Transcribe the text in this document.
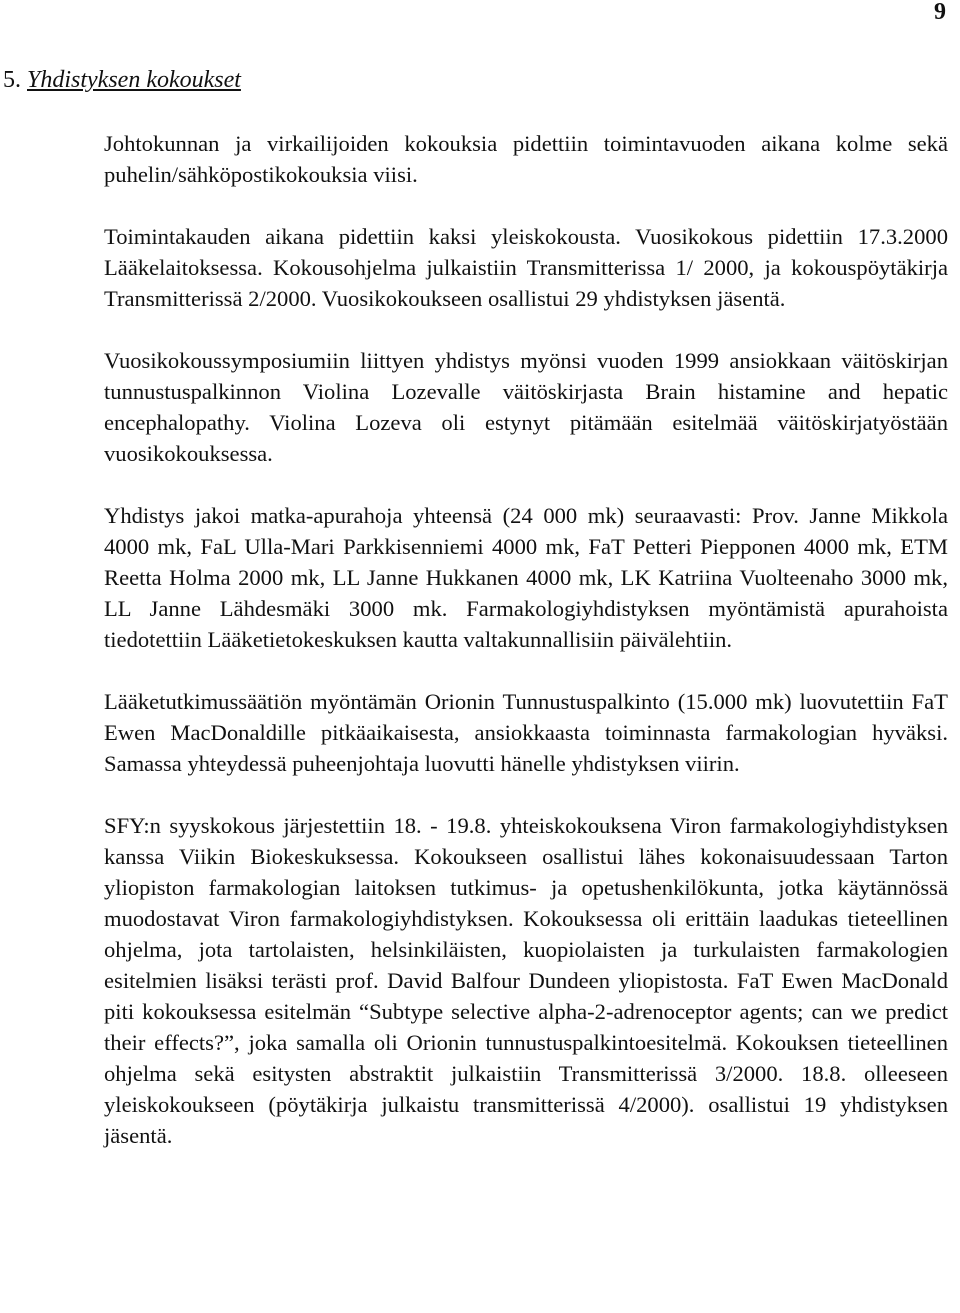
9
5. Yhdistyksen kokoukset

Johtokunnan ja virkailijoiden kokouksia pidettiin toimintavuoden aikana kolme sekä puhelin/sähköpostikokouksia viisi.

Toimintakauden aikana pidettiin kaksi yleiskokousta. Vuosikokous pidettiin 17.3.2000 Lääkelaitoksessa. Kokousohjelma julkaistiin Transmitterissa 1/ 2000, ja kokouspöytäkirja Transmitterissä 2/2000. Vuosikokoukseen osallistui 29 yhdistyksen jäsentä.

Vuosikokoussymposiumiin liittyen yhdistys myönsi vuoden 1999 ansiokkaan väitöskirjan tunnustuspalkinnon Violina Lozevalle väitöskirjasta Brain histamine and hepatic encephalopathy. Violina Lozeva oli estynyt pitämään esitelmää väitöskirjatyöstään vuosikokouksessa.

Yhdistys jakoi matka-apurahoja yhteensä (24 000 mk) seuraavasti: Prov. Janne Mikkola 4000 mk, FaL Ulla-Mari Parkkisenniemi 4000 mk, FaT Petteri Piepponen 4000 mk, ETM Reetta Holma 2000 mk, LL Janne Hukkanen 4000 mk, LK Katriina Vuolteenaho 3000 mk, LL Janne Lähdesmäki 3000 mk. Farmakologiyhdistyksen myöntämistä apurahoista tiedotettiin Lääketietokeskuksen kautta valtakunnallisiin päivälehtiin.

Lääketutkimussäätiön myöntämän Orionin Tunnustuspalkinto (15.000 mk) luovutettiin FaT Ewen MacDonaldille pitkäaikaisesta, ansiokkaasta toiminnasta farmakologian hyväksi. Samassa yhteydessä puheenjohtaja luovutti hänelle yhdistyksen viirin.

SFY:n syyskokous järjestettiin 18. - 19.8. yhteiskokouksena Viron farmakologiyhdistyksen kanssa Viikin Biokeskuksessa. Kokoukseen osallistui lähes kokonaisuudessaan Tarton yliopiston farmakologian laitoksen tutkimus- ja opetushenkilökunta, jotka käytännössä muodostavat Viron farmakologiyhdistyksen. Kokouksessa oli erittäin laadukas tieteellinen ohjelma, jota tartolaisten, helsinkiläisten, kuopiolaisten ja turkulaisten farmakologien esitelmien lisäksi terästi prof. David Balfour Dundeen yliopistosta. FaT Ewen MacDonald piti kokouksessa esitelmän “Subtype selective alpha-2-adrenoceptor agents; can we predict their effects?”, joka samalla oli Orionin tunnustuspalkintoesitelmä. Kokouksen tieteellinen ohjelma sekä esitysten abstraktit julkaistiin Transmitterissä 3/2000. 18.8. olleeseen yleiskokoukseen (pöytäkirja julkaistu transmitterissä 4/2000). osallistui 19 yhdistyksen jäsentä.
